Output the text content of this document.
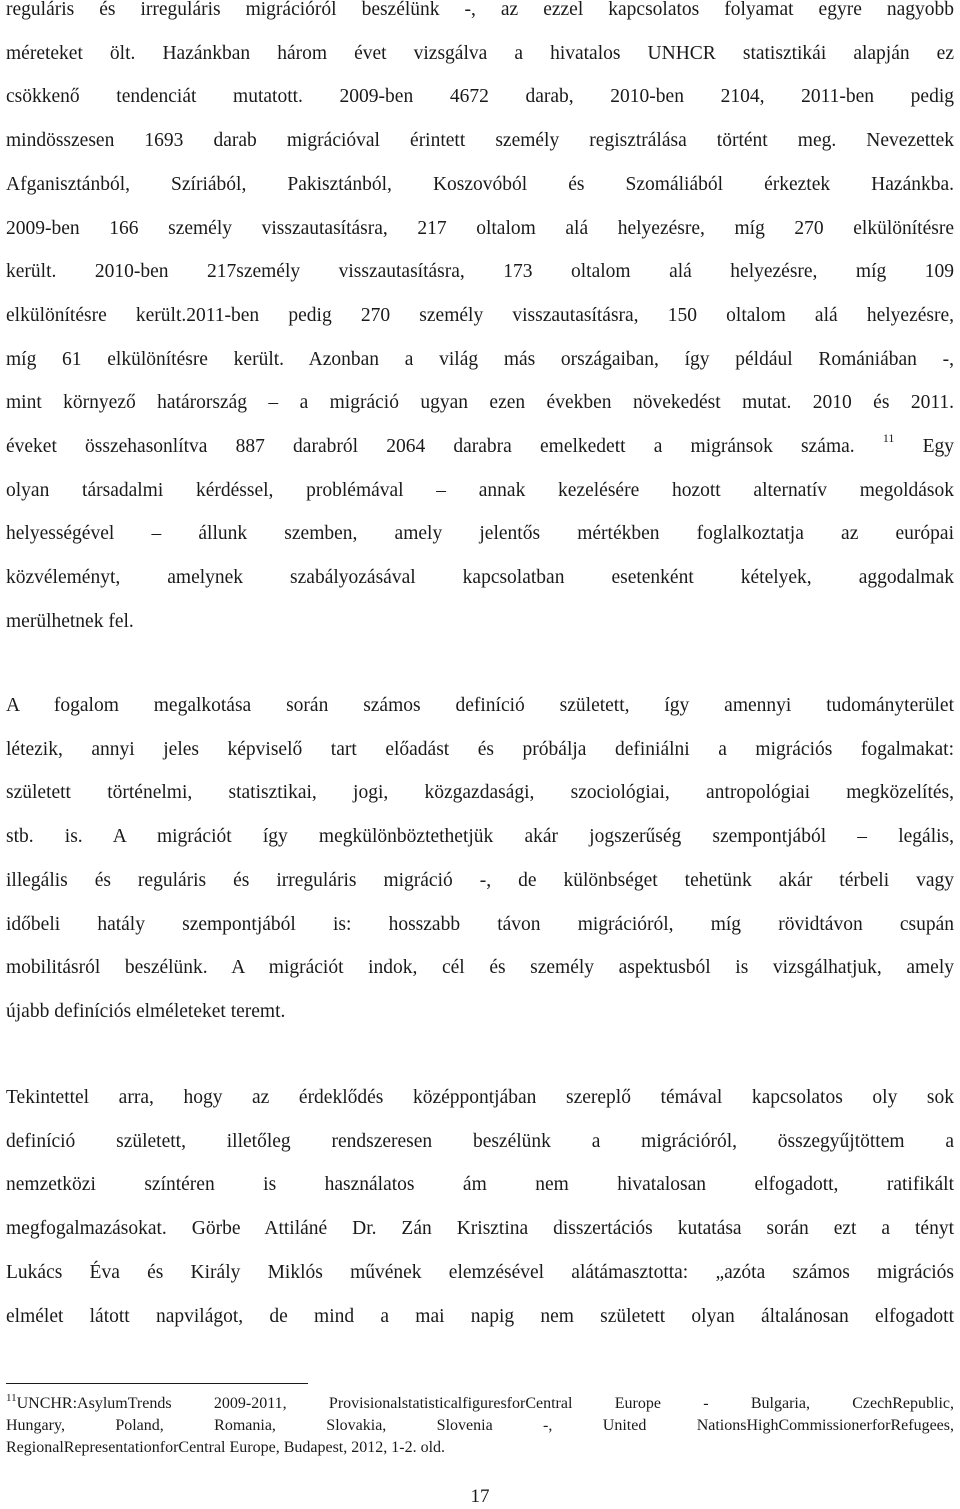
reguláris és irreguláris migrációról beszélünk -, az ezzel kapcsolatos folyamat egyre nagyobb
méreteket ölt. Hazánkban három évet vizsgálva a hivatalos UNHCR statisztikái alapján ez
csökkenő tendenciát mutatott. 2009-ben 4672 darab, 2010-ben 2104, 2011-ben pedig
mindösszesen 1693 darab migrációval érintett személy regisztrálása történt meg. Nevezettek
Afganisztánból, Szíriából, Pakisztánból, Koszovóból és Szomáliából érkeztek Hazánkba.
2009-ben 166 személy visszautasításra, 217 oltalom alá helyezésre, míg 270 elkülönítésre
került. 2010-ben 217személy visszautasításra, 173 oltalom alá helyezésre, míg 109
elkülönítésre került.2011-ben pedig 270 személy visszautasításra, 150 oltalom alá helyezésre,
míg 61 elkülönítésre került. Azonban a világ más országaiban, így például Romániában -,
mint környező határország – a migráció ugyan ezen években növekedést mutat. 2010 és 2011.
éveket összehasonlítva 887 darabról 2064 darabra emelkedett a migránsok száma. $^{11}$ Egy
olyan társadalmi kérdéssel, problémával – annak kezelésére hozott alternatív megoldások
helyességével – állunk szemben, amely jelentős mértékben foglalkoztatja az európai
közvéleményt, amelynek szabályozásával kapcsolatban esetenként kételyek, aggodalmak
merülhetnek fel.
A fogalom megalkotása során számos definíció született, így amennyi tudományterület
létezik, annyi jeles képviselő tart előadást és próbálja definiálni a migrációs fogalmakat:
született történelmi, statisztikai, jogi, közgazdasági, szociológiai, antropológiai megközelítés,
stb. is. A migrációt így megkülönböztethetjük akár jogszerűség szempontjából – legális,
illegális és reguláris és irreguláris migráció -, de különbséget tehetünk akár térbeli vagy
időbeli hatály szempontjából is: hosszabb távon migrációról, míg rövidtávon csupán
mobilitásról beszélünk. A migrációt indok, cél és személy aspektusból is vizsgálhatjuk, amely
újabb definíciós elméleteket teremt.
Tekintettel arra, hogy az érdeklődés középpontjában szereplő témával kapcsolatos oly sok
definíció született, illetőleg rendszeresen beszélünk a migrációról, összegyűjtöttem a
nemzetközi színtéren is használatos ám nem hivatalosan elfogadott, ratifikált
megfogalmazásokat. Görbe Attiláné Dr. Zán Krisztina disszertációs kutatása során ezt a tényt
Lukács Éva és Király Miklós művének elemzésével alátámasztotta: „azóta számos migrációs
elmélet látott napvilágot, de mind a mai napig nem született olyan általánosan elfogadott
$^{11}$UNCHR:AsylumTrends 2009-2011, ProvisionalstatisticalfiguresforCentral Europe - Bulgaria, CzechRepublic,
Hungary, Poland, Romania, Slovakia, Slovenia -, United NationsHighCommissionerforRefugees,
RegionalRepresentationforCentral Europe, Budapest, 2012, 1-2. old.
17
